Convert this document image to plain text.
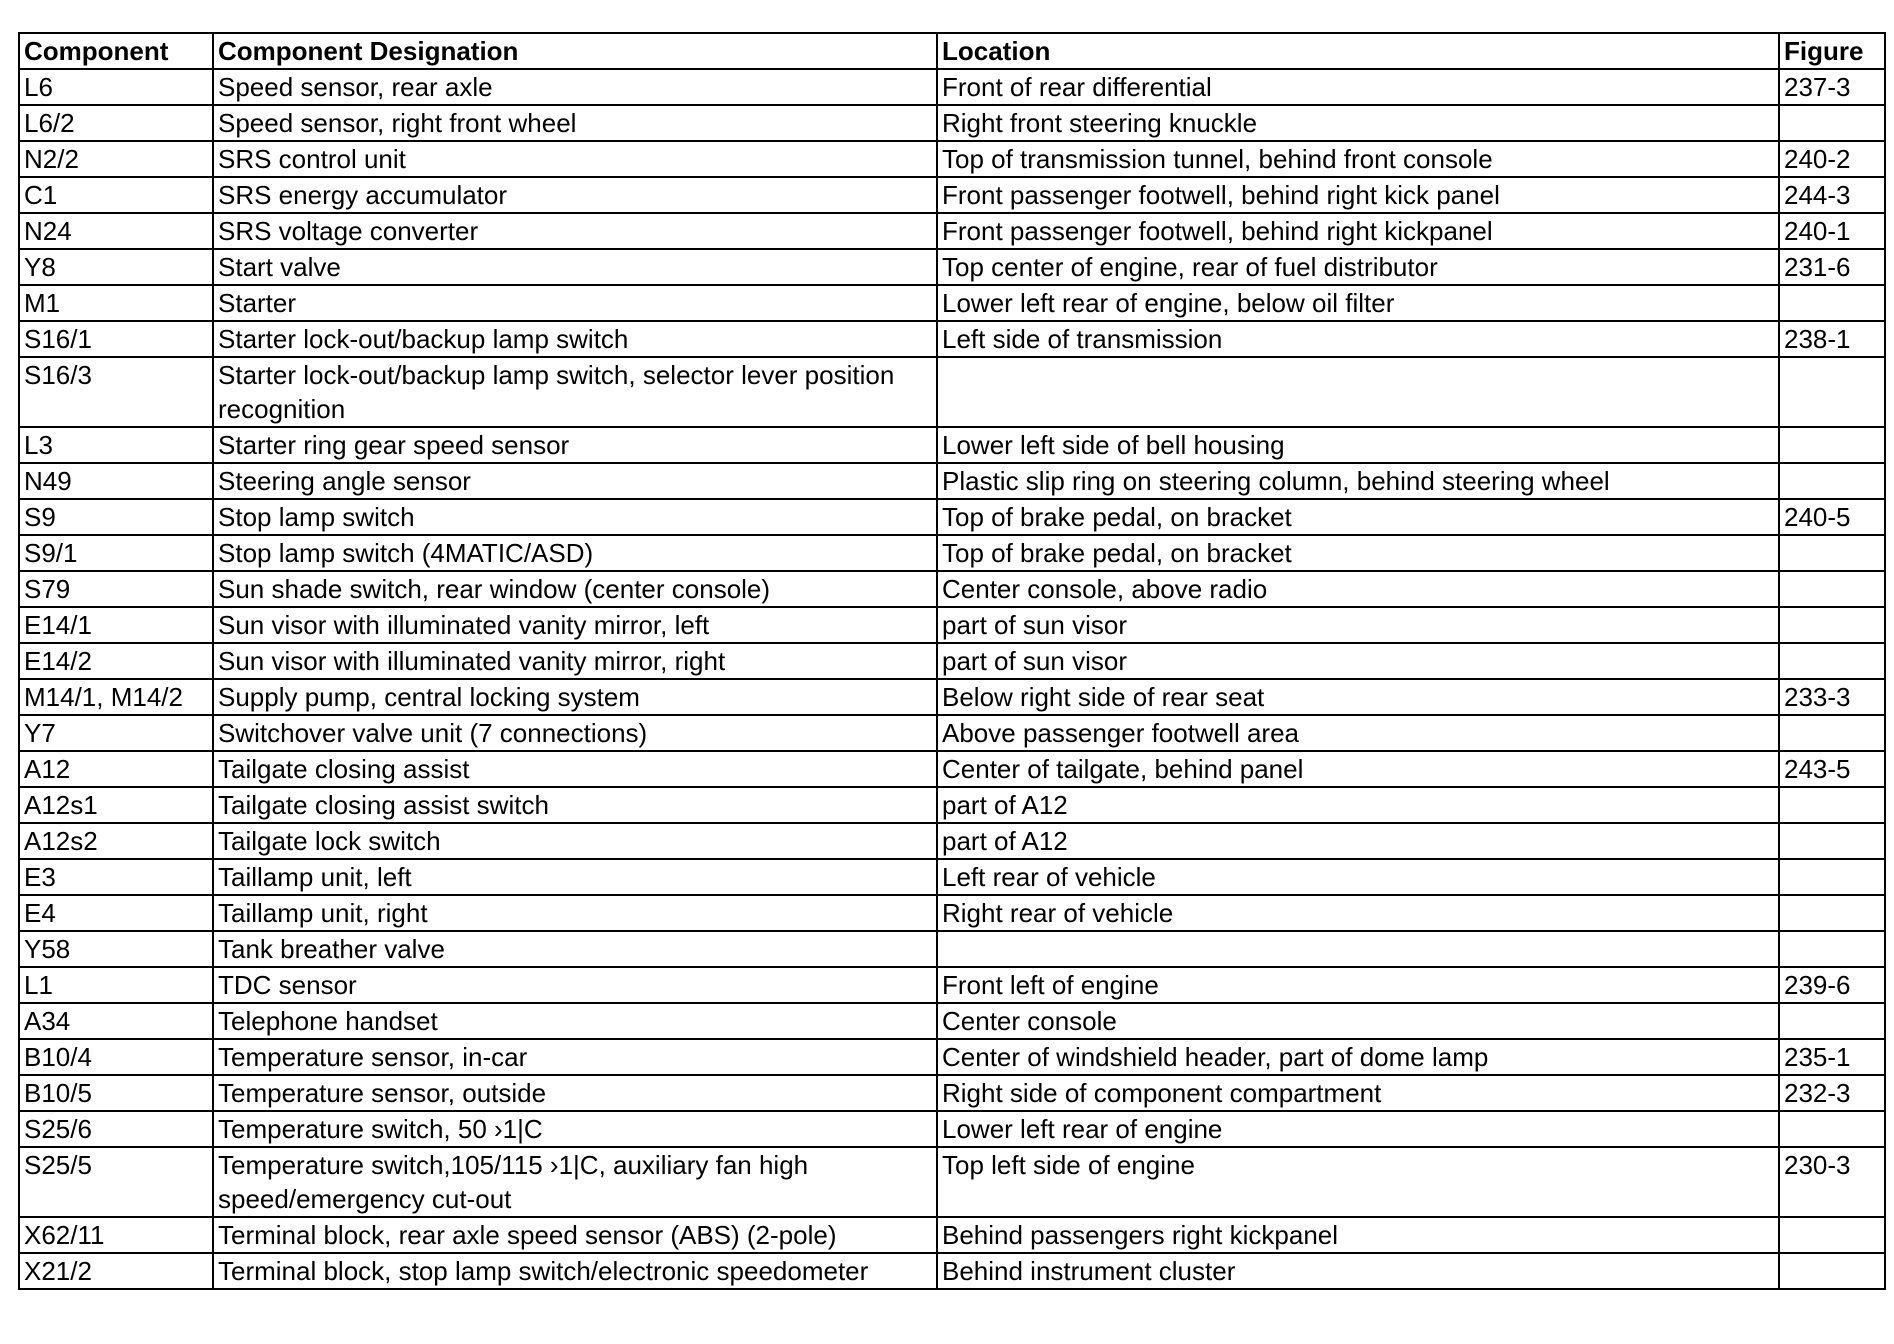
Component	Component Designation	Location	Figure
L6	Speed sensor, rear axle	Front of rear differential	237-3
L6/2	Speed sensor, right front wheel	Right front steering knuckle	
N2/2	SRS control unit	Top of transmission tunnel, behind front console	240-2
C1	SRS energy accumulator	Front passenger footwell, behind right kick panel	244-3
N24	SRS voltage converter	Front passenger footwell, behind right kickpanel	240-1
Y8	Start valve	Top center of engine, rear of fuel distributor	231-6
M1	Starter	Lower left rear of engine, below oil filter	
S16/1	Starter lock-out/backup lamp switch	Left side of transmission	238-1
S16/3	Starter lock-out/backup lamp switch, selector lever position recognition		
L3	Starter ring gear speed sensor	Lower left side of bell housing	
N49	Steering angle sensor	Plastic slip ring on steering column, behind steering wheel	
S9	Stop lamp switch	Top of brake pedal, on bracket	240-5
S9/1	Stop lamp switch (4MATIC/ASD)	Top of brake pedal, on bracket	
S79	Sun shade switch, rear window (center console)	Center console, above radio	
E14/1	Sun visor with illuminated vanity mirror, left	part of sun visor	
E14/2	Sun visor with illuminated vanity mirror, right	part of sun visor	
M14/1, M14/2	Supply pump, central locking system	Below right side of rear seat	233-3
Y7	Switchover valve unit (7 connections)	Above passenger footwell area	
A12	Tailgate closing assist	Center of tailgate, behind panel	243-5
A12s1	Tailgate closing assist switch	part of A12	
A12s2	Tailgate lock switch	part of A12	
E3	Taillamp unit, left	Left rear of vehicle	
E4	Taillamp unit, right	Right rear of vehicle	
Y58	Tank breather valve		
L1	TDC sensor	Front left of engine	239-6
A34	Telephone handset	Center console	
B10/4	Temperature sensor, in-car	Center of windshield header, part of dome lamp	235-1
B10/5	Temperature sensor, outside	Right side of component compartment	232-3
S25/6	Temperature switch, 50 ›1|C	Lower left rear of engine	
S25/5	Temperature switch,105/115 ›1|C, auxiliary fan high speed/emergency cut-out	Top left side of engine	230-3
X62/11	Terminal block, rear axle speed sensor (ABS) (2-pole)	Behind passengers right kickpanel	
X21/2	Terminal block, stop lamp switch/electronic speedometer	Behind instrument cluster	
